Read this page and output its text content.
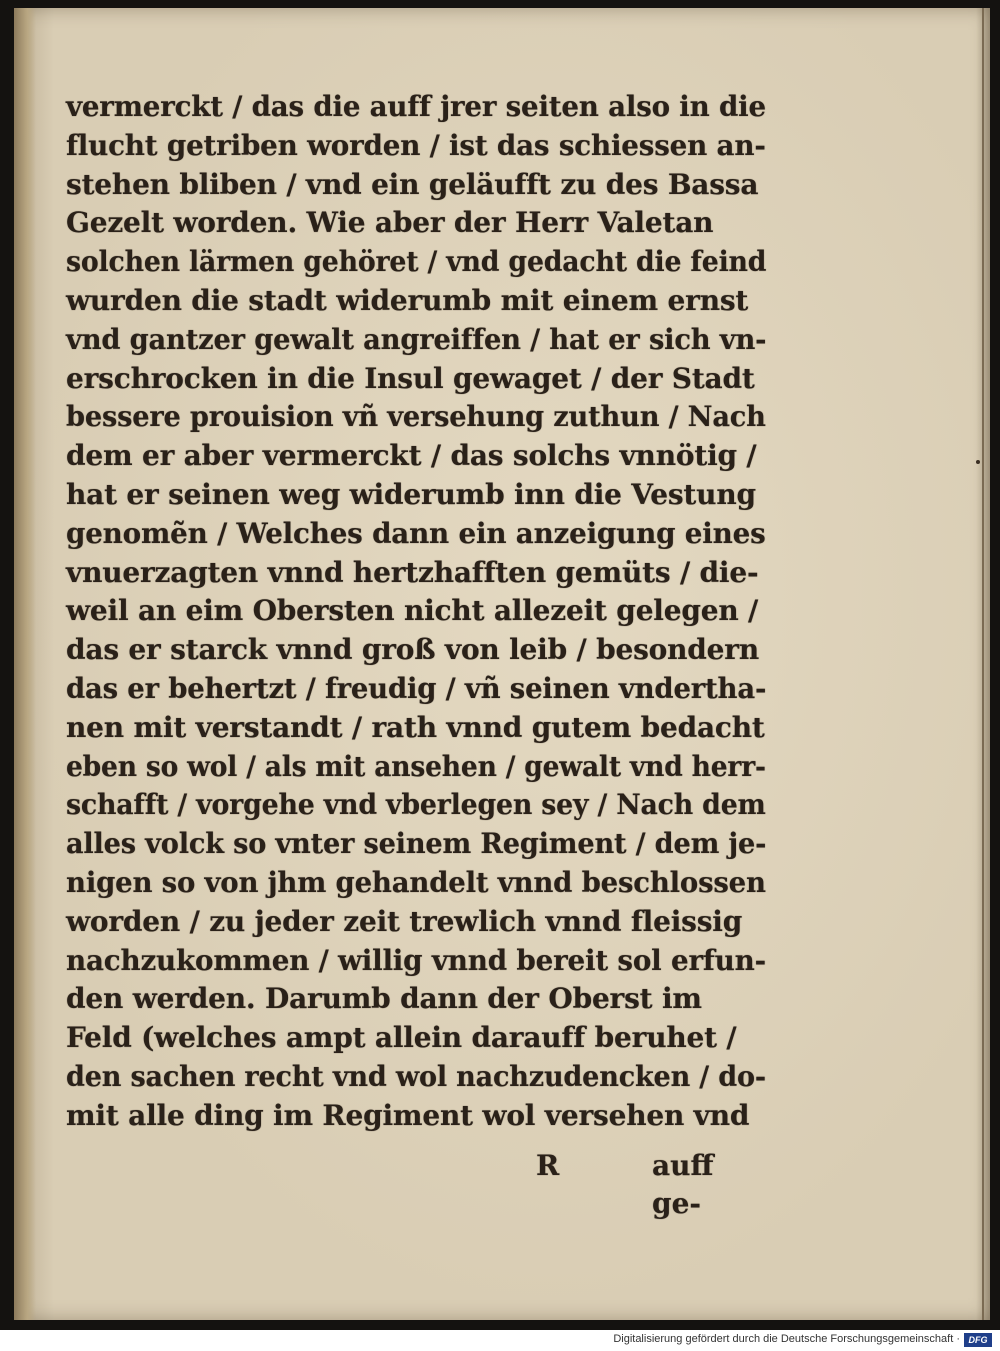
vermerckt / das die auff jrer seiten also in die
flucht getriben worden / ist das schiessen an-
stehen bliben / vnd ein geläufft zu des Bassa
Gezelt worden. Wie aber der Herr Valetan
solchen lärmen gehöret / vnd gedacht die feind
wurden die stadt widerumb mit einem ernst
vnd gantzer gewalt angreiffen / hat er sich vn-
erschrocken in die Insul gewaget / der Stadt
bessere prouision vñ versehung zuthun / Nach
dem er aber vermerckt / das solchs vnnötig /
hat er seinen weg widerumb inn die Vestung
genomẽn / Welches dann ein anzeigung eines
vnuerzagten vnnd hertzhafften gemüts / die-
weil an eim Obersten nicht allezeit gelegen /
das er starck vnnd groß von leib / besondern
das er behertzt / freudig / vñ seinen vndertha-
nen mit verstandt / rath vnnd gutem bedacht
eben so wol / als mit ansehen / gewalt vnd herr-
schafft / vorgehe vnd vberlegen sey / Nach dem
alles volck so vnter seinem Regiment / dem je-
nigen so von jhm gehandelt vnnd beschlossen
worden / zu jeder zeit trewlich vnnd fleissig
nachzukommen / willig vnnd bereit sol erfun-
den werden. Darumb dann der Oberst im
Feld (welches ampt allein darauff beruhet /
den sachen recht vnd wol nachzudencken / do-
mit alle ding im Regiment wol versehen vnd
R	auff ge-
Digitalisierung gefördert durch die Deutsche Forschungsgemeinschaft · DFG
